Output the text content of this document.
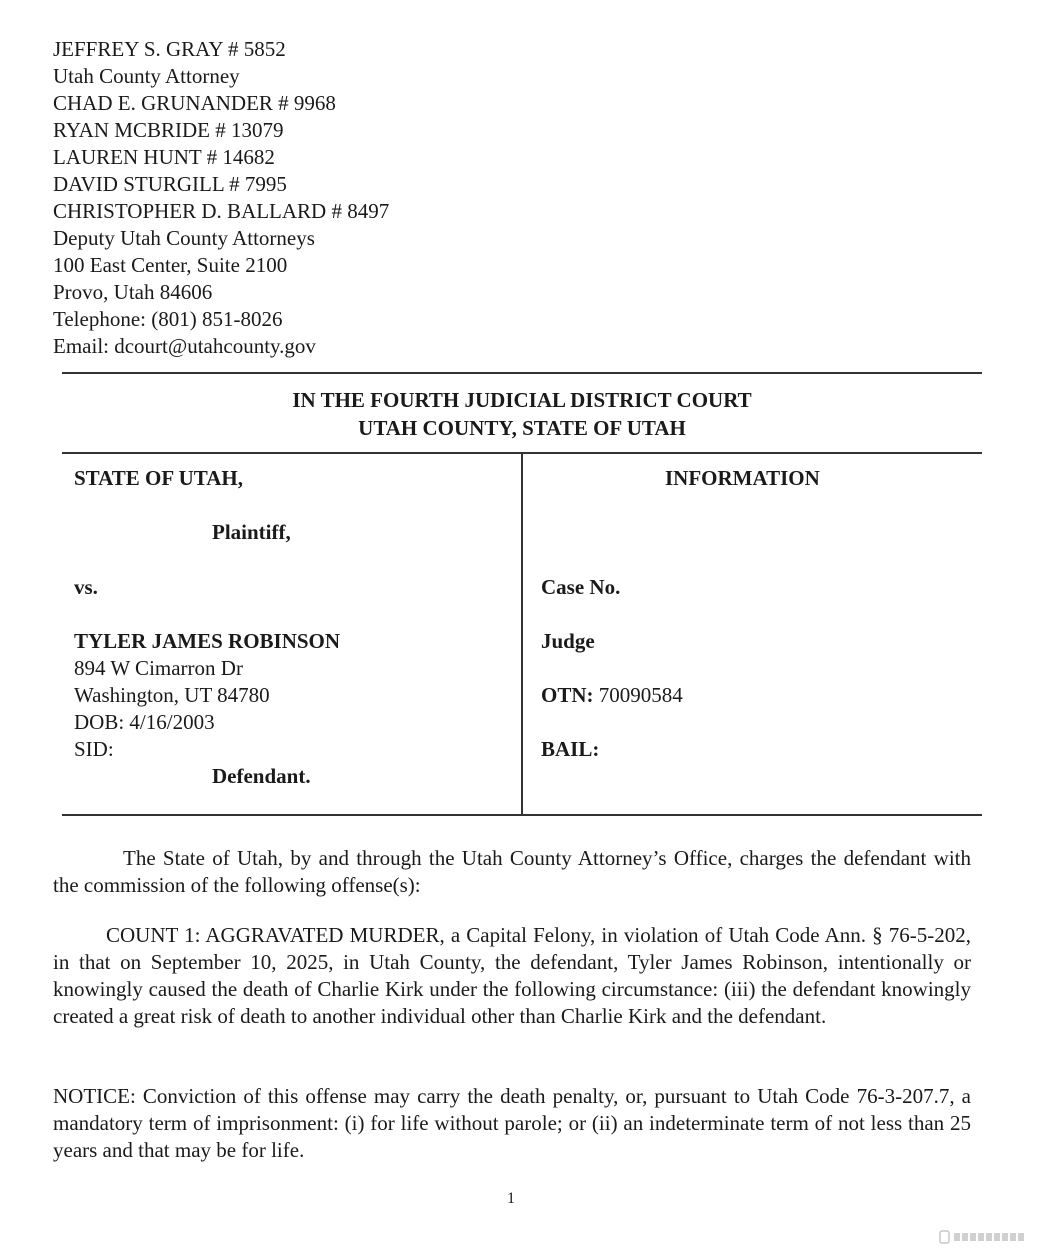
JEFFREY S. GRAY # 5852
Utah County Attorney
CHAD E. GRUNANDER # 9968
RYAN MCBRIDE # 13079
LAUREN HUNT # 14682
DAVID STURGILL # 7995
CHRISTOPHER D. BALLARD # 8497
Deputy Utah County Attorneys
100 East Center, Suite 2100
Provo, Utah 84606
Telephone: (801) 851-8026
Email: dcourt@utahcounty.gov
IN THE FOURTH JUDICIAL DISTRICT COURT
UTAH COUNTY, STATE OF UTAH
STATE OF UTAH,
Plaintiff,
vs.
TYLER JAMES ROBINSON
894 W Cimarron Dr
Washington, UT 84780
DOB: 4/16/2003
SID:
Defendant.
INFORMATION
Case No.
Judge
OTN: 70090584
BAIL:
The State of Utah, by and through the Utah County Attorney’s Office, charges the defendant with the commission of the following offense(s):
COUNT 1: AGGRAVATED MURDER, a Capital Felony, in violation of Utah Code Ann. § 76-5-202, in that on September 10, 2025, in Utah County, the defendant, Tyler James Robinson, intentionally or knowingly caused the death of Charlie Kirk under the following circumstance: (iii) the defendant knowingly created a great risk of death to another individual other than Charlie Kirk and the defendant.
NOTICE: Conviction of this offense may carry the death penalty, or, pursuant to Utah Code 76-3-207.7, a mandatory term of imprisonment: (i) for life without parole; or (ii) an indeterminate term of not less than 25 years and that may be for life.
1
